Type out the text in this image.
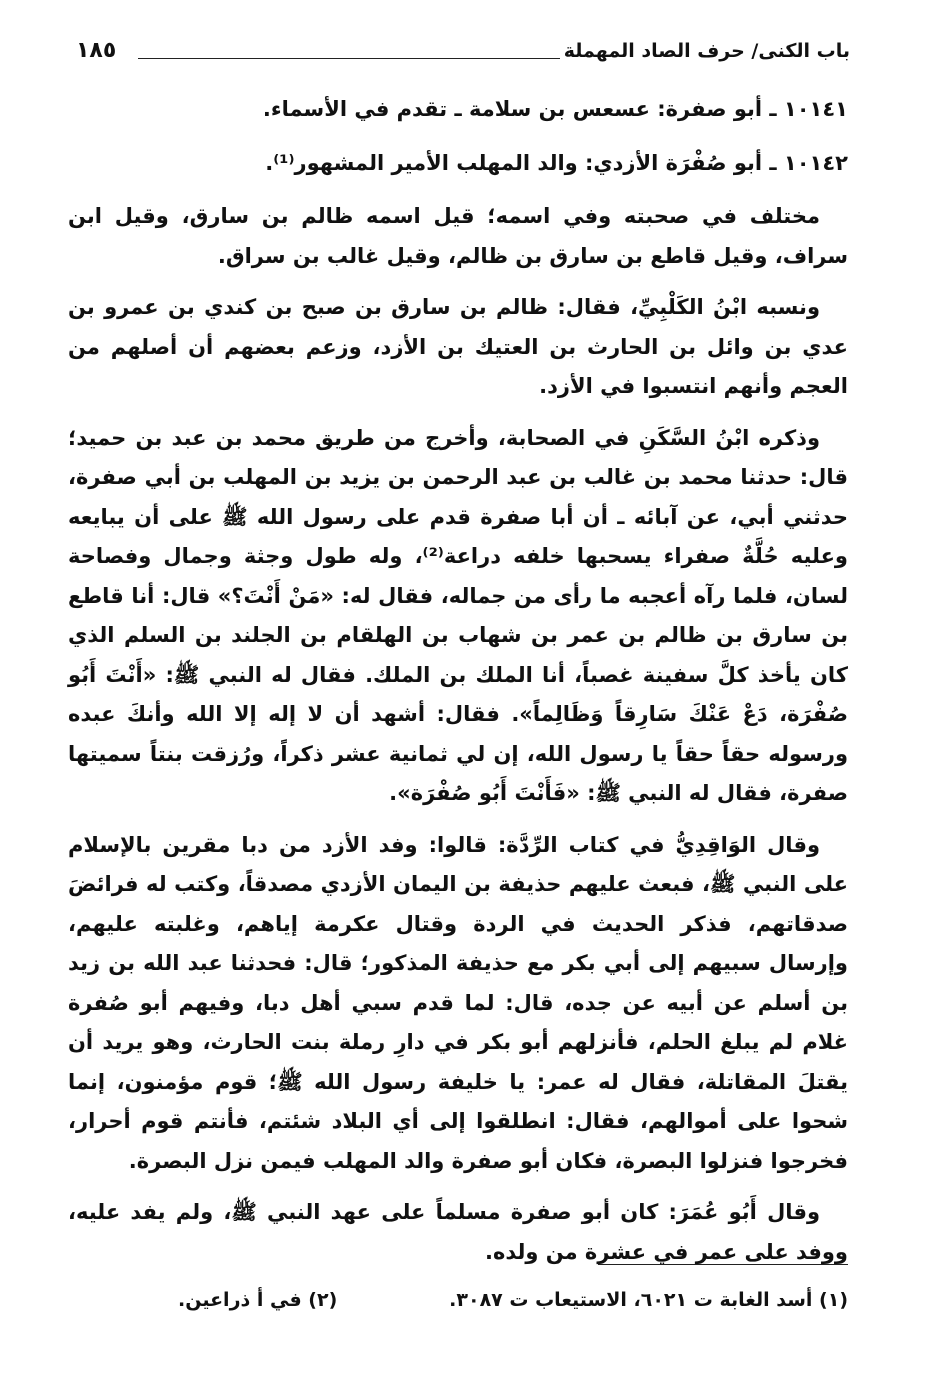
باب الكنى/ حرف الصاد المهملة
١٨٥

١٠١٤١ ـ أبو صفرة: عسعس بن سلامة ـ تقدم في الأسماء.

١٠١٤٢ ـ أبو صُفْرَة الأزدي: والد المهلب الأمير المشهور⁽¹⁾.

مختلف في صحبته وفي اسمه؛ قيل اسمه ظالم بن سارق، وقيل ابن سراف، وقيل قاطع بن سارق بن ظالم، وقيل غالب بن سراق.

ونسبه ابْنُ الكَلْبِيِّ، فقال: ظالم بن سارق بن صبح بن كندي بن عمرو بن عدي بن وائل بن الحارث بن العتيك بن الأزد، وزعم بعضهم أن أصلهم من العجم وأنهم انتسبوا في الأزد.

وذكره ابْنُ السَّكَنِ في الصحابة، وأخرج من طريق محمد بن عبد بن حميد؛ قال: حدثنا محمد بن غالب بن عبد الرحمن بن يزيد بن المهلب بن أبي صفرة، حدثني أبي، عن آبائه ـ أن أبا صفرة قدم على رسول الله ﷺ على أن يبايعه وعليه حُلَّةٌ صفراء يسحبها خلفه دراعة⁽²⁾، وله طول وجثة وجمال وفصاحة لسان، فلما رآه أعجبه ما رأى من جماله، فقال له: «مَنْ أَنْتَ؟» قال: أنا قاطع بن سارق بن ظالم بن عمر بن شهاب بن الهلقام بن الجلند بن السلم الذي كان يأخذ كلَّ سفينة غصباً، أنا الملك بن الملك. فقال له النبي ﷺ: «أَنْتَ أَبُو صُفْرَة، دَعْ عَنْكَ سَارِقاً وَظَالِماً». فقال: أشهد أن لا إله إلا الله وأنكَ عبده ورسوله حقاً حقاً يا رسول الله، إن لي ثمانية عشر ذكراً، ورُزقت بنتاً سميتها صفرة، فقال له النبي ﷺ: «فَأَنْتَ أَبُو صُفْرَة».

وقال الوَاقِدِيُّ في كتاب الرِّدَّة: قالوا: وفد الأزد من دبا مقرين بالإسلام على النبي ﷺ، فبعث عليهم حذيفة بن اليمان الأزدي مصدقاً، وكتب له فرائضَ صدقاتهم، فذكر الحديث في الردة وقتال عكرمة إياهم، وغلبته عليهم، وإرسال سبيهم إلى أبي بكر مع حذيفة المذكور؛ قال: فحدثنا عبد الله بن زيد بن أسلم عن أبيه عن جده، قال: لما قدم سبي أهل دبا، وفيهم أبو صُفرة غلام لم يبلغ الحلم، فأنزلهم أبو بكر في دارِ رملة بنت الحارث، وهو يريد أن يقتلَ المقاتلة، فقال له عمر: يا خليفة رسول الله ﷺ؛ قوم مؤمنون، إنما شحوا على أموالهم، فقال: انطلقوا إلى أي البلاد شئتم، فأنتم قوم أحرار، فخرجوا فنزلوا البصرة، فكان أبو صفرة والد المهلب فيمن نزل البصرة.

وقال أَبُو عُمَرَ: كان أبو صفرة مسلماً على عهد النبي ﷺ، ولم يفد عليه، ووفد على عمر في عشرة من ولده.

(١) أسد الغابة ت ٦٠٢١، الاستيعاب ت ٣٠٨٧.
(٢) في أ ذراعين.
